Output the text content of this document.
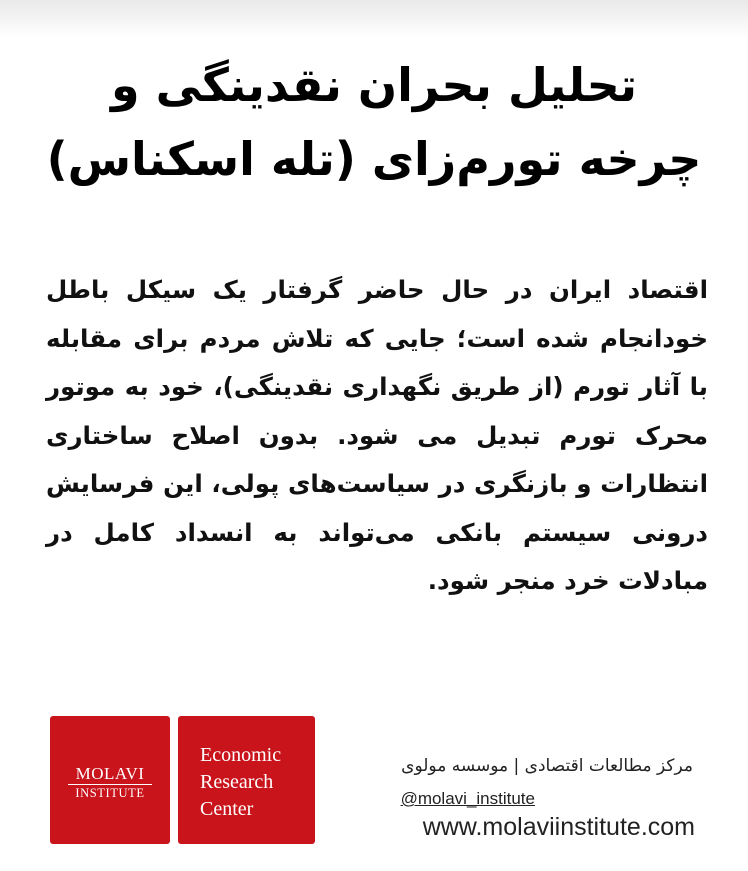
تحلیل بحران نقدینگی و
چرخه تورم‌زای (تله اسکناس)

اقتصاد ایران در حال حاضر گرفتار یک سیکل باطل خودانجام شده است؛ جایی که تلاش مردم برای مقابله با آثار تورم (از طریق نگهداری نقدینگی)، خود به موتور محرک تورم تبدیل می شود. بدون اصلاح ساختاری انتظارات و بازنگری در سیاست‌های پولی، این فرسایش درونی سیستم بانکی می‌تواند به انسداد کامل در مبادلات خرد منجر شود.

MOLAVI
INSTITUTE
Economic
Research
Center
مرکز مطالعات اقتصادی | موسسه مولوی
@molavi_institute
www.molaviinstitute.com
